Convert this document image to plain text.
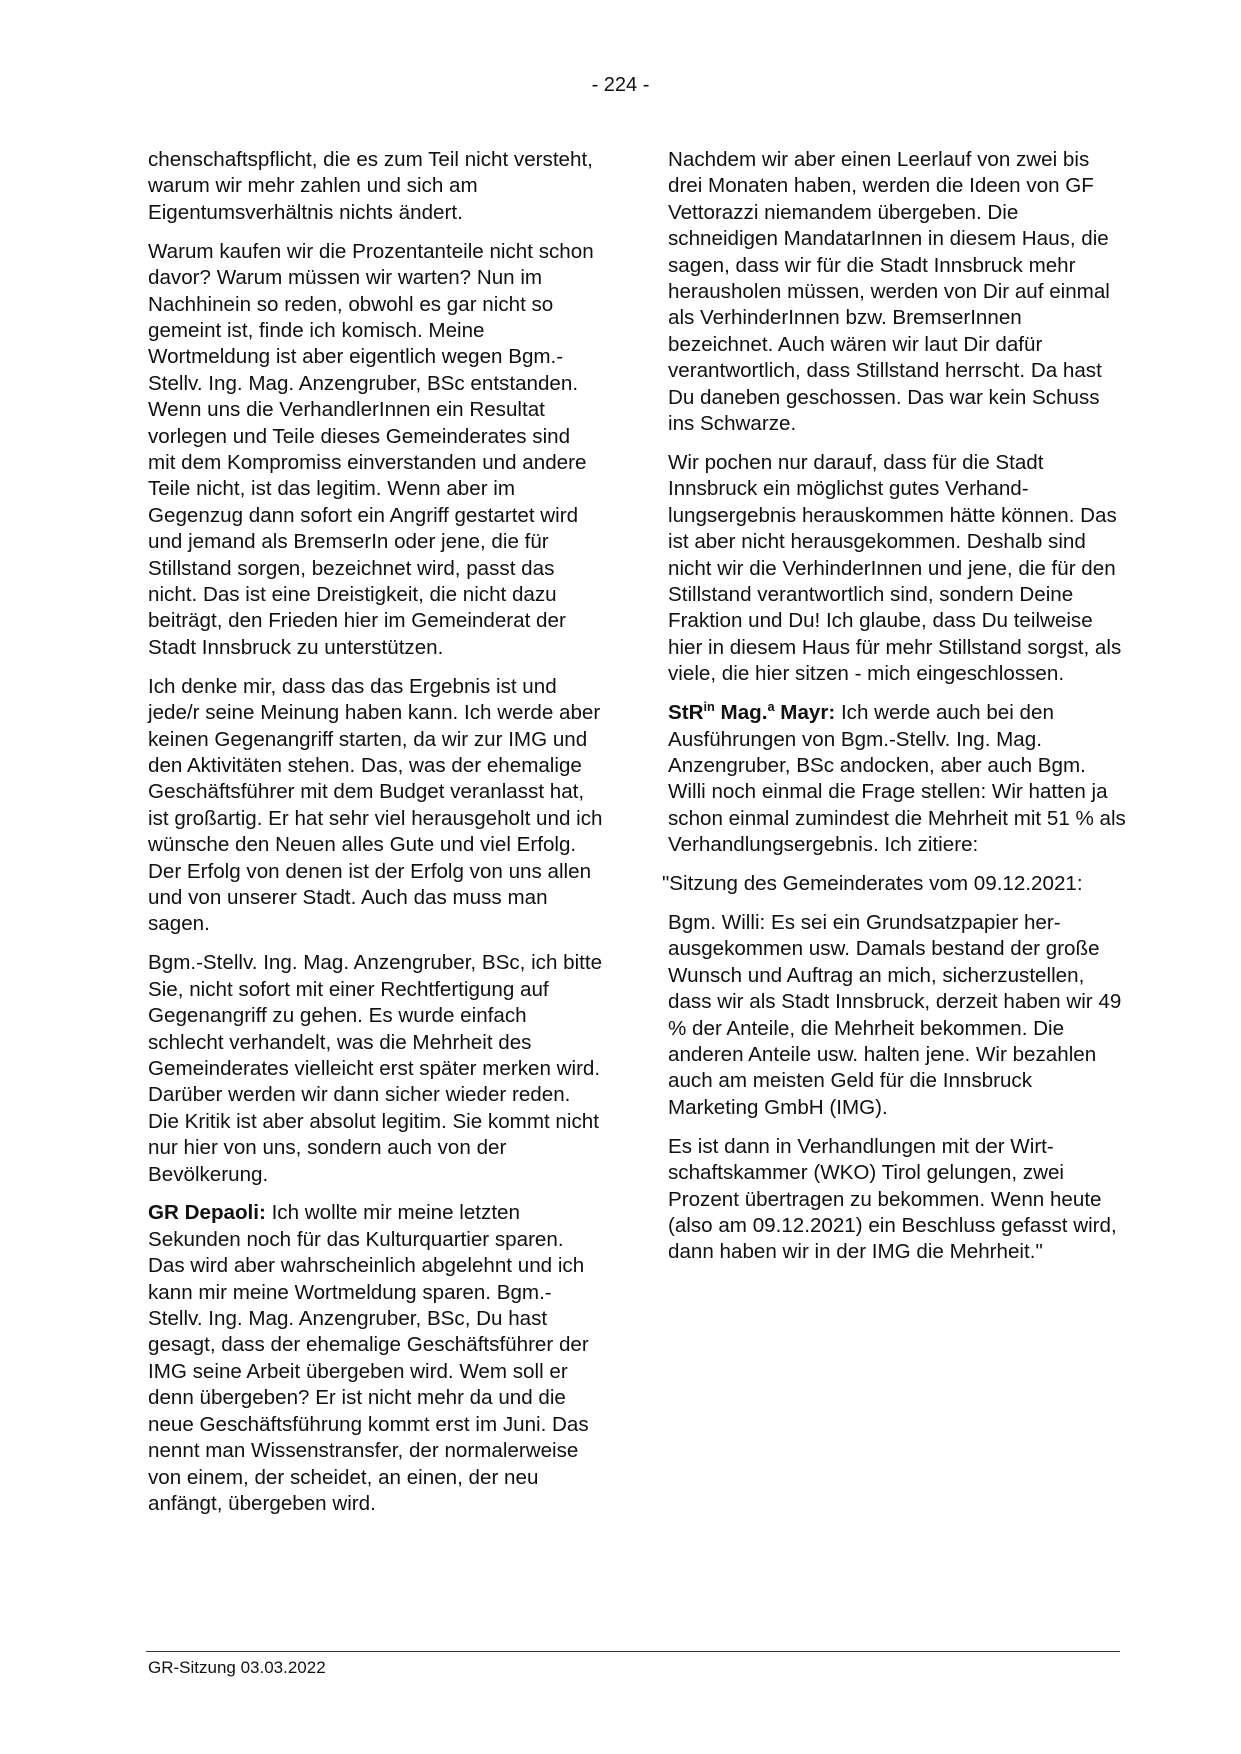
- 224 -

chenschaftspflicht, die es zum Teil nicht versteht, warum wir mehr zahlen und sich am Eigentumsverhältnis nichts ändert.

Warum kaufen wir die Prozentanteile nicht schon davor? Warum müssen wir warten? Nun im Nachhinein so reden, obwohl es gar nicht so gemeint ist, finde ich komisch. Meine Wortmeldung ist aber eigentlich wegen Bgm.-Stellv. Ing. Mag. Anzengruber, BSc entstanden. Wenn uns die VerhandlerInnen ein Resultat vorlegen und Teile dieses Gemeinderates sind mit dem Kompromiss einverstanden und andere Teile nicht, ist das legitim. Wenn aber im Gegenzug dann sofort ein Angriff gestartet wird und jemand als BremserIn oder jene, die für Stillstand sorgen, bezeichnet wird, passt das nicht. Das ist eine Dreistigkeit, die nicht dazu beiträgt, den Frieden hier im Gemeinderat der Stadt Innsbruck zu unterstützen.

Ich denke mir, dass das das Ergebnis ist und jede/r seine Meinung haben kann. Ich werde aber keinen Gegenangriff starten, da wir zur IMG und den Aktivitäten stehen. Das, was der ehemalige Geschäftsführer mit dem Budget veranlasst hat, ist großartig. Er hat sehr viel herausgeholt und ich wünsche den Neuen alles Gute und viel Erfolg. Der Erfolg von denen ist der Erfolg von uns allen und von unserer Stadt. Auch das muss man sagen.

Bgm.-Stellv. Ing. Mag. Anzengruber, BSc, ich bitte Sie, nicht sofort mit einer Rechtfertigung auf Gegenangriff zu gehen. Es wurde einfach schlecht verhandelt, was die Mehrheit des Gemeinderates vielleicht erst später merken wird. Darüber werden wir dann sicher wieder reden. Die Kritik ist aber absolut legitim. Sie kommt nicht nur hier von uns, sondern auch von der Bevölkerung.

GR Depaoli: Ich wollte mir meine letzten Sekunden noch für das Kulturquartier sparen. Das wird aber wahrscheinlich abgelehnt und ich kann mir meine Wortmeldung sparen. Bgm.-Stellv. Ing. Mag. Anzengruber, BSc, Du hast gesagt, dass der ehemalige Geschäftsführer der IMG seine Arbeit übergeben wird. Wem soll er denn übergeben? Er ist nicht mehr da und die neue Geschäftsführung kommt erst im Juni. Das nennt man Wissenstransfer, der normalerweise von einem, der scheidet, an einen, der neu anfängt, übergeben wird.

Nachdem wir aber einen Leerlauf von zwei bis drei Monaten haben, werden die Ideen von GF Vettorazzi niemandem übergeben. Die schneidigen MandatarInnen in diesem Haus, die sagen, dass wir für die Stadt Innsbruck mehr herausholen müssen, werden von Dir auf einmal als VerhinderInnen bzw. BremserInnen bezeichnet. Auch wären wir laut Dir dafür verantwortlich, dass Stillstand herrscht. Da hast Du daneben geschossen. Das war kein Schuss ins Schwarze.

Wir pochen nur darauf, dass für die Stadt Innsbruck ein möglichst gutes Verhandlungsergebnis herauskommen hätte können. Das ist aber nicht herausgekommen. Deshalb sind nicht wir die VerhinderInnen und jene, die für den Stillstand verantwortlich sind, sondern Deine Fraktion und Du! Ich glaube, dass Du teilweise hier in diesem Haus für mehr Stillstand sorgst, als viele, die hier sitzen - mich eingeschlossen.

StR$^{in}$ Mag.$^a$ Mayr: Ich werde auch bei den Ausführungen von Bgm.-Stellv. Ing. Mag. Anzengruber, BSc andocken, aber auch Bgm. Willi noch einmal die Frage stellen: Wir hatten ja schon einmal zumindest die Mehrheit mit 51 % als Verhandlungsergebnis. Ich zitiere:

"Sitzung des Gemeinderates vom 09.12.2021:

Bgm. Willi: Es sei ein Grundsatzpapier herausgekommen usw. Damals bestand der große Wunsch und Auftrag an mich, sicherzustellen, dass wir als Stadt Innsbruck, derzeit haben wir 49 % der Anteile, die Mehrheit bekommen. Die anderen Anteile usw. halten jene. Wir bezahlen auch am meisten Geld für die Innsbruck Marketing GmbH (IMG).

Es ist dann in Verhandlungen mit der Wirtschaftskammer (WKO) Tirol gelungen, zwei Prozent übertragen zu bekommen. Wenn heute (also am 09.12.2021) ein Beschluss gefasst wird, dann haben wir in der IMG die Mehrheit."

GR-Sitzung 03.03.2022
